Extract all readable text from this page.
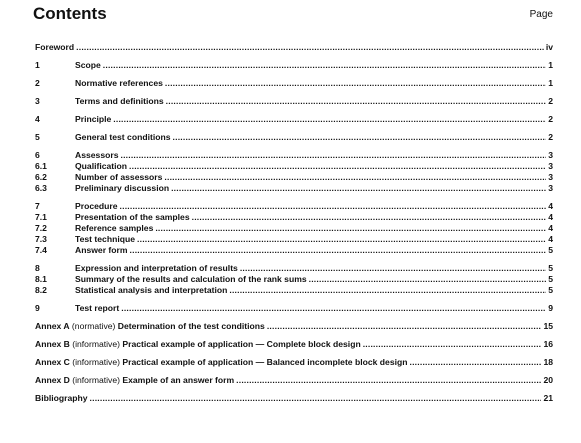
Contents	Page
Foreword .....	iv
1	Scope .....	1
2	Normative references .....	1
3	Terms and definitions .....	2
4	Principle .....	2
5	General test conditions .....	2
6	Assessors .....	3
6.1	Qualification .....	3
6.2	Number of assessors .....	3
6.3	Preliminary discussion .....	3
7	Procedure .....	4
7.1	Presentation of the samples .....	4
7.2	Reference samples .....	4
7.3	Test technique .....	4
7.4	Answer form .....	5
8	Expression and interpretation of results .....	5
8.1	Summary of the results and calculation of the rank sums .....	5
8.2	Statistical analysis and interpretation .....	5
9	Test report .....	9
Annex A (normative) Determination of the test conditions .....	15
Annex B (informative) Practical example of application — Complete block design .....	16
Annex C (informative) Practical example of application — Balanced incomplete block design .....	18
Annex D (informative) Example of an answer form .....	20
Bibliography .....	21
